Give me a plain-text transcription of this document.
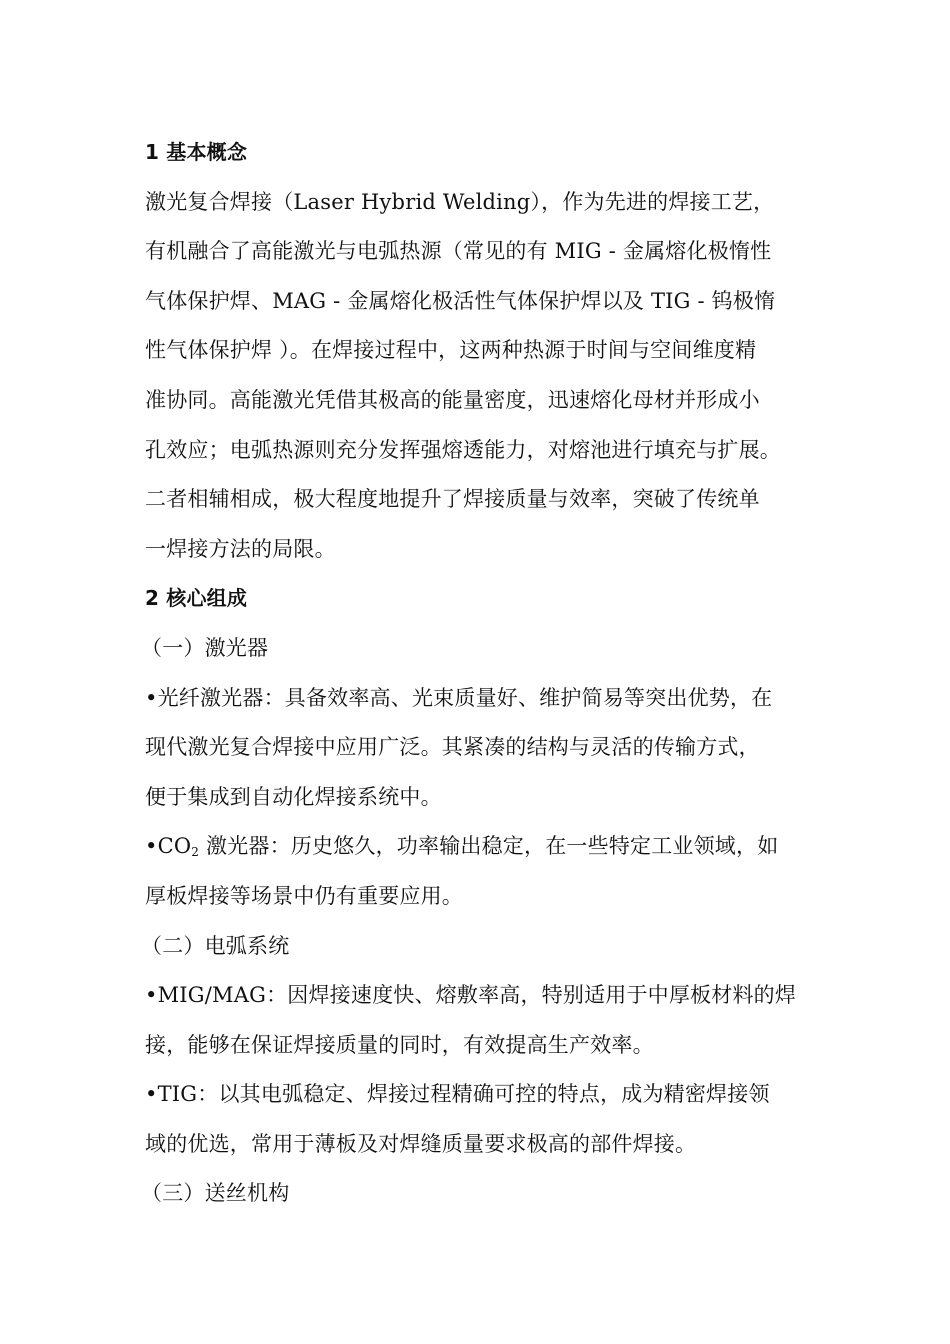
1 基本概念
激光复合焊接（Laser Hybrid Welding），作为先进的焊接工艺，
有机融合了高能激光与电弧热源（常见的有 MIG - 金属熔化极惰性
气体保护焊、MAG - 金属熔化极活性气体保护焊以及 TIG - 钨极惰
性气体保护焊 ）。在焊接过程中，这两种热源于时间与空间维度精
准协同。高能激光凭借其极高的能量密度，迅速熔化母材并形成小
孔效应；电弧热源则充分发挥强熔透能力，对熔池进行填充与扩展。
二者相辅相成，极大程度地提升了焊接质量与效率，突破了传统单
一焊接方法的局限。
2 核心组成
（一）激光器
•光纤激光器：具备效率高、光束质量好、维护简易等突出优势，在
现代激光复合焊接中应用广泛。其紧凑的结构与灵活的传输方式，
便于集成到自动化焊接系统中。
$•CO_2$ 激光器：历史悠久，功率输出稳定，在一些特定工业领域，如
厚板焊接等场景中仍有重要应用。
（二）电弧系统
•MIG/MAG：因焊接速度快、熔敷率高，特别适用于中厚板材料的焊
接，能够在保证焊接质量的同时，有效提高生产效率。
•TIG：以其电弧稳定、焊接过程精确可控的特点，成为精密焊接领
域的优选，常用于薄板及对焊缝质量要求极高的部件焊接。
（三）送丝机构
